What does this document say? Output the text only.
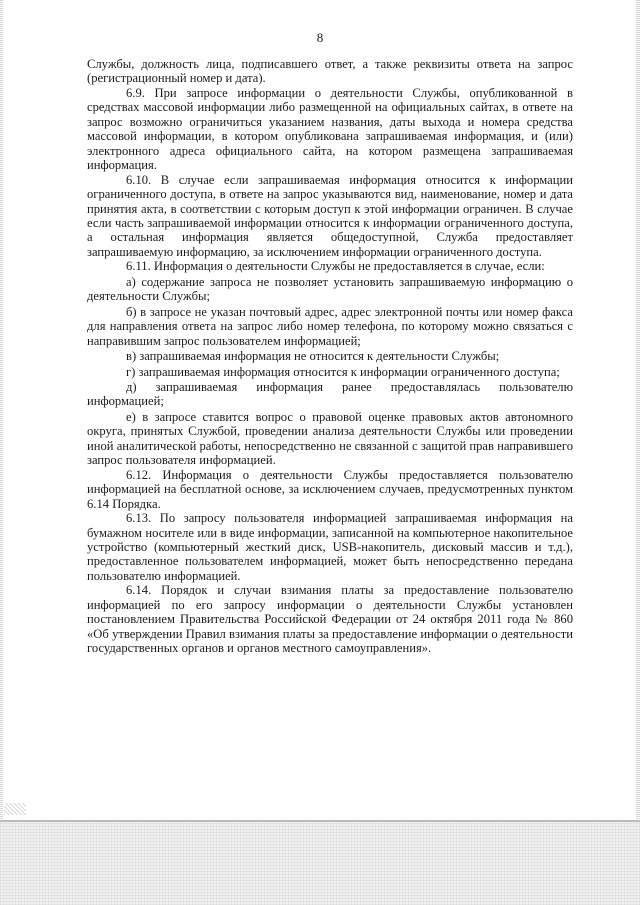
8

Службы, должность лица, подписавшего ответ, а также реквизиты ответа на запрос (регистрационный номер и дата).

6.9. При запросе информации о деятельности Службы, опубликованной в средствах массовой информации либо размещенной на официальных сайтах, в ответе на запрос возможно ограничиться указанием названия, даты выхода и номера средства массовой информации, в котором опубликована запрашиваемая информация, и (или) электронного адреса официального сайта, на котором размещена запрашиваемая информация.

6.10. В случае если запрашиваемая информация относится к информации ограниченного доступа, в ответе на запрос указываются вид, наименование, номер и дата принятия акта, в соответствии с которым доступ к этой информации ограничен. В случае если часть запрашиваемой информации относится к информации ограниченного доступа, а остальная информация является общедоступной, Служба предоставляет запрашиваемую информацию, за исключением информации ограниченного доступа.

6.11. Информация о деятельности Службы не предоставляется в случае, если:

а) содержание запроса не позволяет установить запрашиваемую информацию о деятельности Службы;

б) в запросе не указан почтовый адрес, адрес электронной почты или номер факса для направления ответа на запрос либо номер телефона, по которому можно связаться с направившим запрос пользователем информацией;

в) запрашиваемая информация не относится к деятельности Службы;

г) запрашиваемая информация относится к информации ограниченного доступа;

д) запрашиваемая информация ранее предоставлялась пользователю информацией;

е) в запросе ставится вопрос о правовой оценке правовых актов автономного округа, принятых Службой, проведении анализа деятельности Службы или проведении иной аналитической работы, непосредственно не связанной с защитой прав направившего запрос пользователя информацией.

6.12. Информация о деятельности Службы предоставляется пользователю информацией на бесплатной основе, за исключением случаев, предусмотренных пунктом 6.14 Порядка.

6.13. По запросу пользователя информацией запрашиваемая информация на бумажном носителе или в виде информации, записанной на компьютерное накопительное устройство (компьютерный жесткий диск, USB-накопитель, дисковый массив и т.д.), предоставленное пользователем информацией, может быть непосредственно передана пользователю информацией.

6.14. Порядок и случаи взимания платы за предоставление пользователю информацией по его запросу информации о деятельности Службы установлен постановлением Правительства Российской Федерации от 24 октября 2011 года № 860 «Об утверждении Правил взимания платы за предоставление информации о деятельности государственных органов и органов местного самоуправления».
